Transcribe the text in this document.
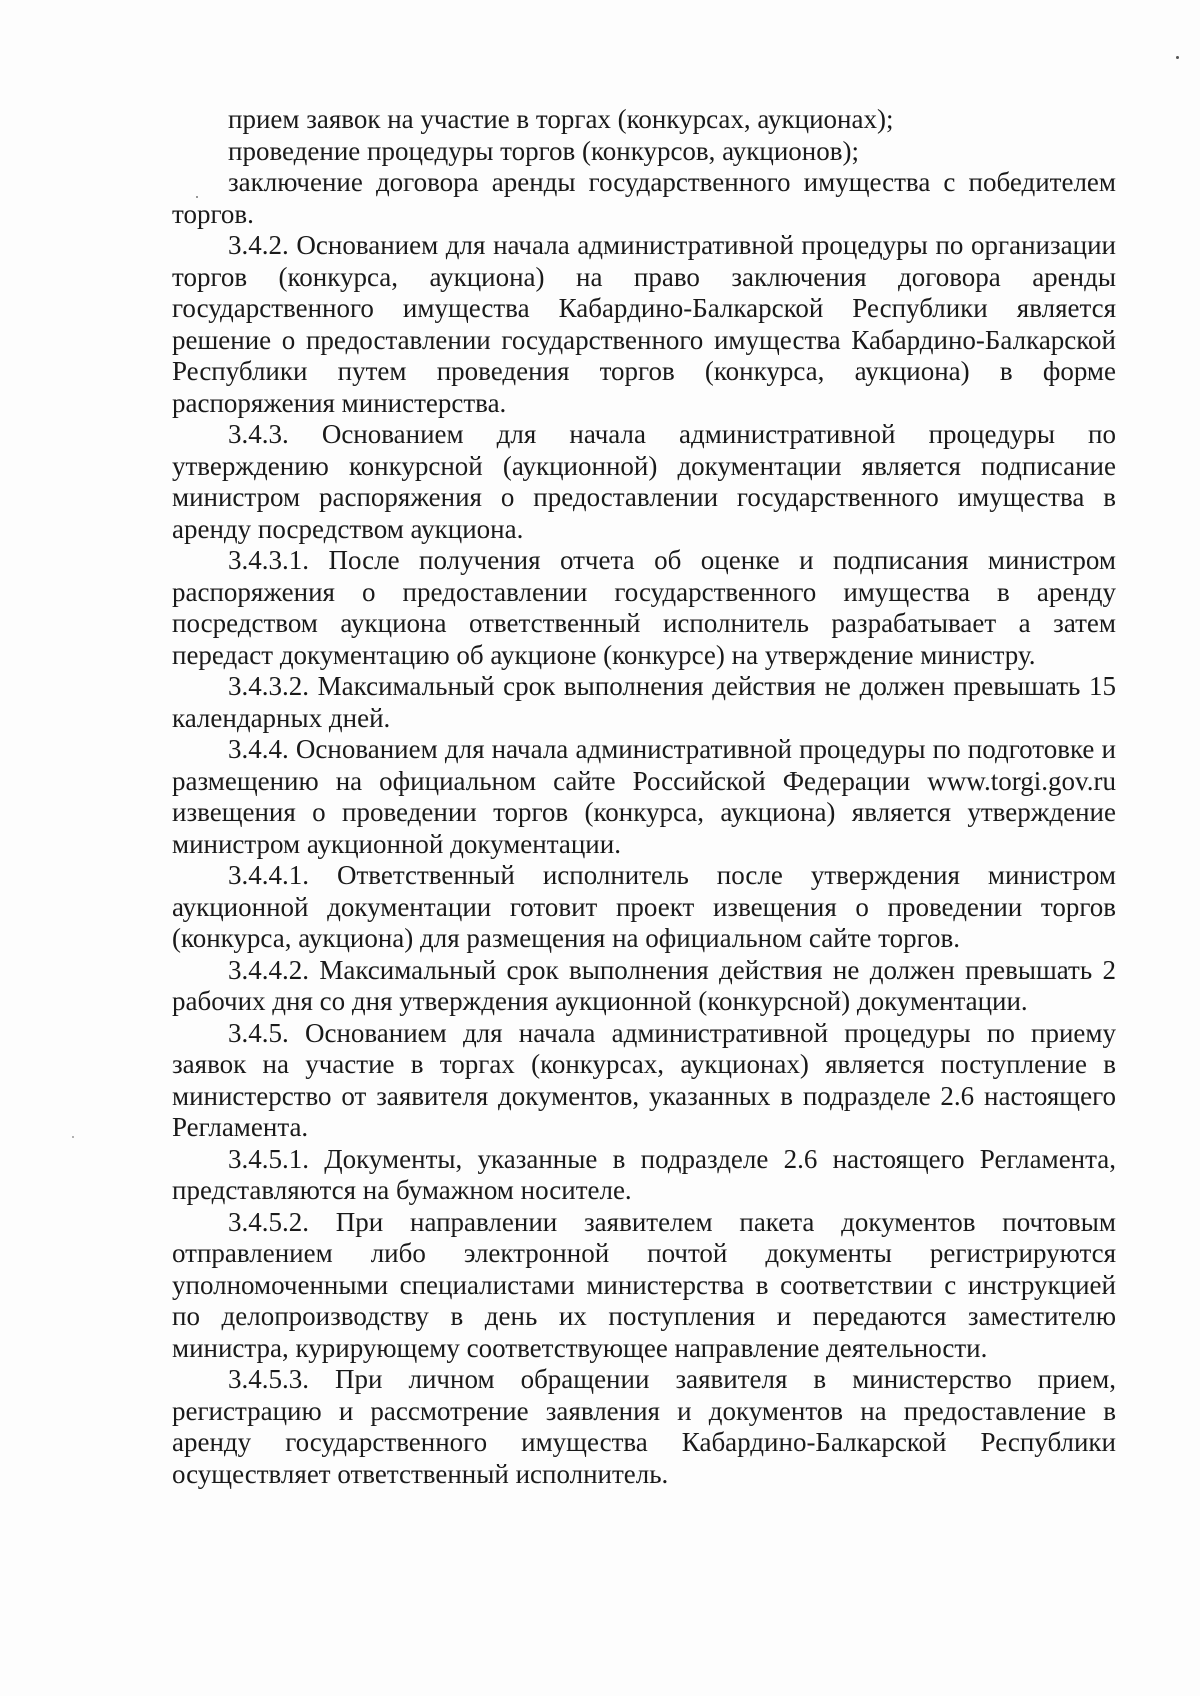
прием заявок на участие в торгах (конкурсах, аукционах);

проведение процедуры торгов (конкурсов, аукционов);

заключение договора аренды государственного имущества с победителем торгов.

3.4.2. Основанием для начала административной процедуры по организации торгов (конкурса, аукциона) на право заключения договора аренды государственного имущества Кабардино-Балкарской Республики является решение о предоставлении государственного имущества Кабардино-Балкарской Республики путем проведения торгов (конкурса, аукциона) в форме распоряжения министерства.

3.4.3. Основанием для начала административной процедуры по утверждению конкурсной (аукционной) документации является подписание министром распоряжения о предоставлении государственного имущества в аренду посредством аукциона.

3.4.3.1. После получения отчета об оценке и подписания министром распоряжения о предоставлении государственного имущества в аренду посредством аукциона ответственный исполнитель разрабатывает а затем передаст документацию об аукционе (конкурсе) на утверждение министру.

3.4.3.2. Максимальный срок выполнения действия не должен превышать 15 календарных дней.

3.4.4. Основанием для начала административной процедуры по подготовке и размещению на официальном сайте Российской Федерации www.torgi.gov.ru извещения о проведении торгов (конкурса, аукциона) является утверждение министром аукционной документации.

3.4.4.1. Ответственный исполнитель после утверждения министром аукционной документации готовит проект извещения о проведении торгов (конкурса, аукциона) для размещения на официальном сайте торгов.

3.4.4.2. Максимальный срок выполнения действия не должен превышать 2 рабочих дня со дня утверждения аукционной (конкурсной) документации.

3.4.5. Основанием для начала административной процедуры по приему заявок на участие в торгах (конкурсах, аукционах) является поступление в министерство от заявителя документов, указанных в подразделе 2.6 настоящего Регламента.

3.4.5.1. Документы, указанные в подразделе 2.6 настоящего Регламента, представляются на бумажном носителе.

3.4.5.2. При направлении заявителем пакета документов почтовым отправлением либо электронной почтой документы регистрируются уполномоченными специалистами министерства в соответствии с инструкцией по делопроизводству в день их поступления и передаются заместителю министра, курирующему соответствующее направление деятельности.

3.4.5.3. При личном обращении заявителя в министерство прием, регистрацию и рассмотрение заявления и документов на предоставление в аренду государственного имущества Кабардино-Балкарской Республики осуществляет ответственный исполнитель.
